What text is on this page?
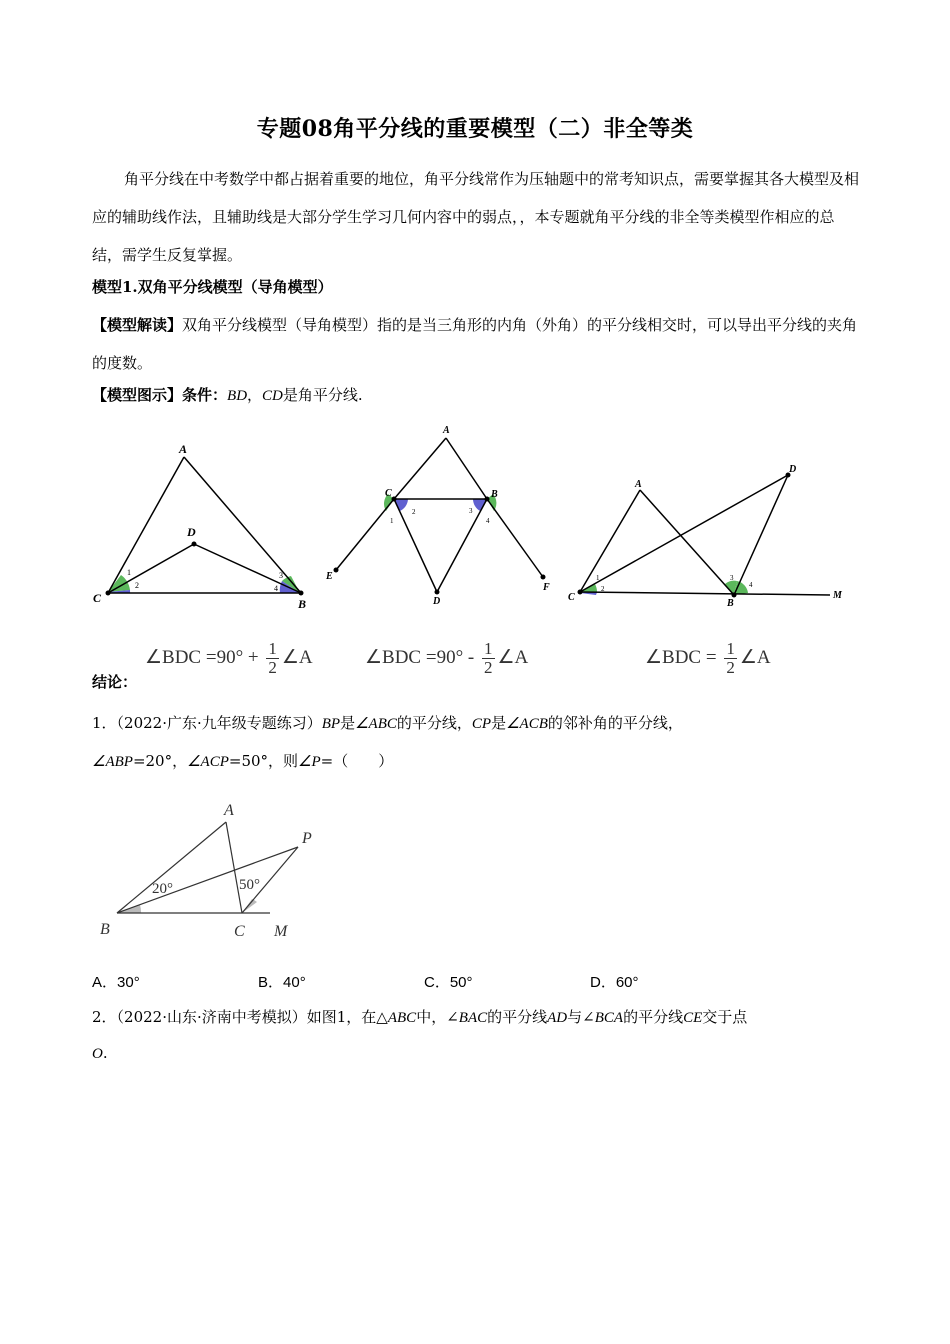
专题08角平分线的重要模型（二）非全等类
角平分线在中考数学中都占据着重要的地位，角平分线常作为压轴题中的常考知识点，需要掌握其各大模型及相应的辅助线作法，且辅助线是大部分学生学习几何内容中的弱点，，本专题就角平分线的非全等类模型作相应的总结，需学生反复掌握。
模型1.双角平分线模型（导角模型）
【模型解读】双角平分线模型（导角模型）指的是当三角形的内角（外角）的平分线相交时，可以导出平分线的夹角的度数。
【模型图示】条件：BD，CD是角平分线.
A
D
C	B
1
2
3
4
A
C	B
E
D
F
1
2	3
4
A
D
C
B
M
1
2
3
4
∠BDC $=90^\circ + \frac{1}{2}$ ∠A	∠BDC $=90^\circ - \frac{1}{2}$ ∠A	∠BDC = $\frac{1}{2}$ ∠A
结论：
1．（2022·广东·九年级专题练习）BP是∠ABC的平分线，CP是∠ACB的邻补角的平分线，
∠ABP=20°，∠ACP=50°，则∠P=（　　）
A
P
B	C M
20°	50°
A．30°	B．40°	C．50°	D．60°
2．（2022·山东·济南中考模拟）如图1，在△ABC中，∠BAC的平分线AD与∠BCA的平分线CE交于点
O.
